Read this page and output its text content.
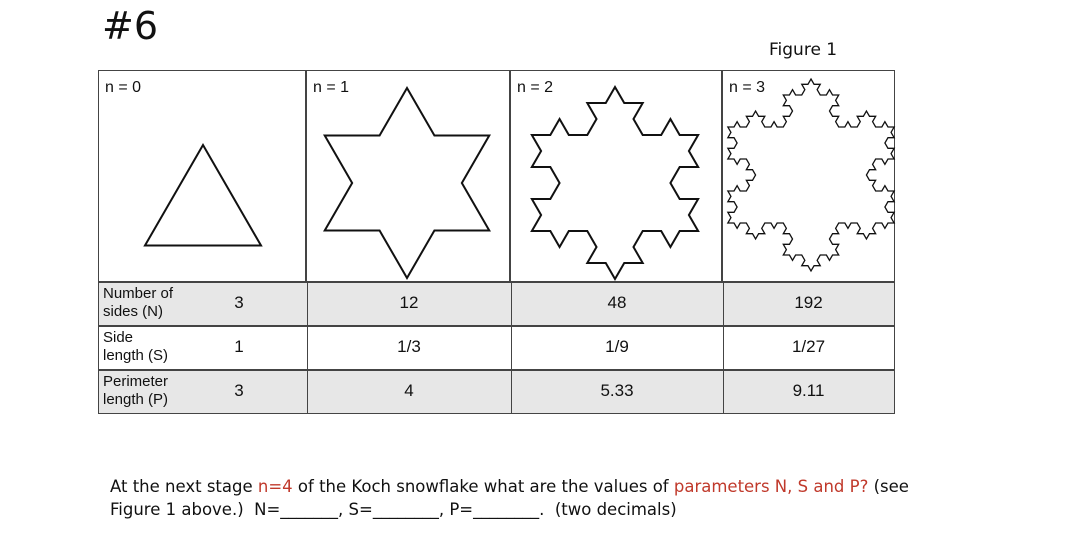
#6
Figure 1
n = 0	n = 1	n = 2	n = 3
Number of
sides (N)	3	12	48	192
Side
length (S)	1	1/3	1/9	1/27
Perimeter
length (P)	3	4	5.33	9.11
At the next stage n=4 of the Koch snowflake what are the values of parameters N, S and P? (see
Figure 1 above.)  N=_______, S=________, P=________.  (two decimals)
